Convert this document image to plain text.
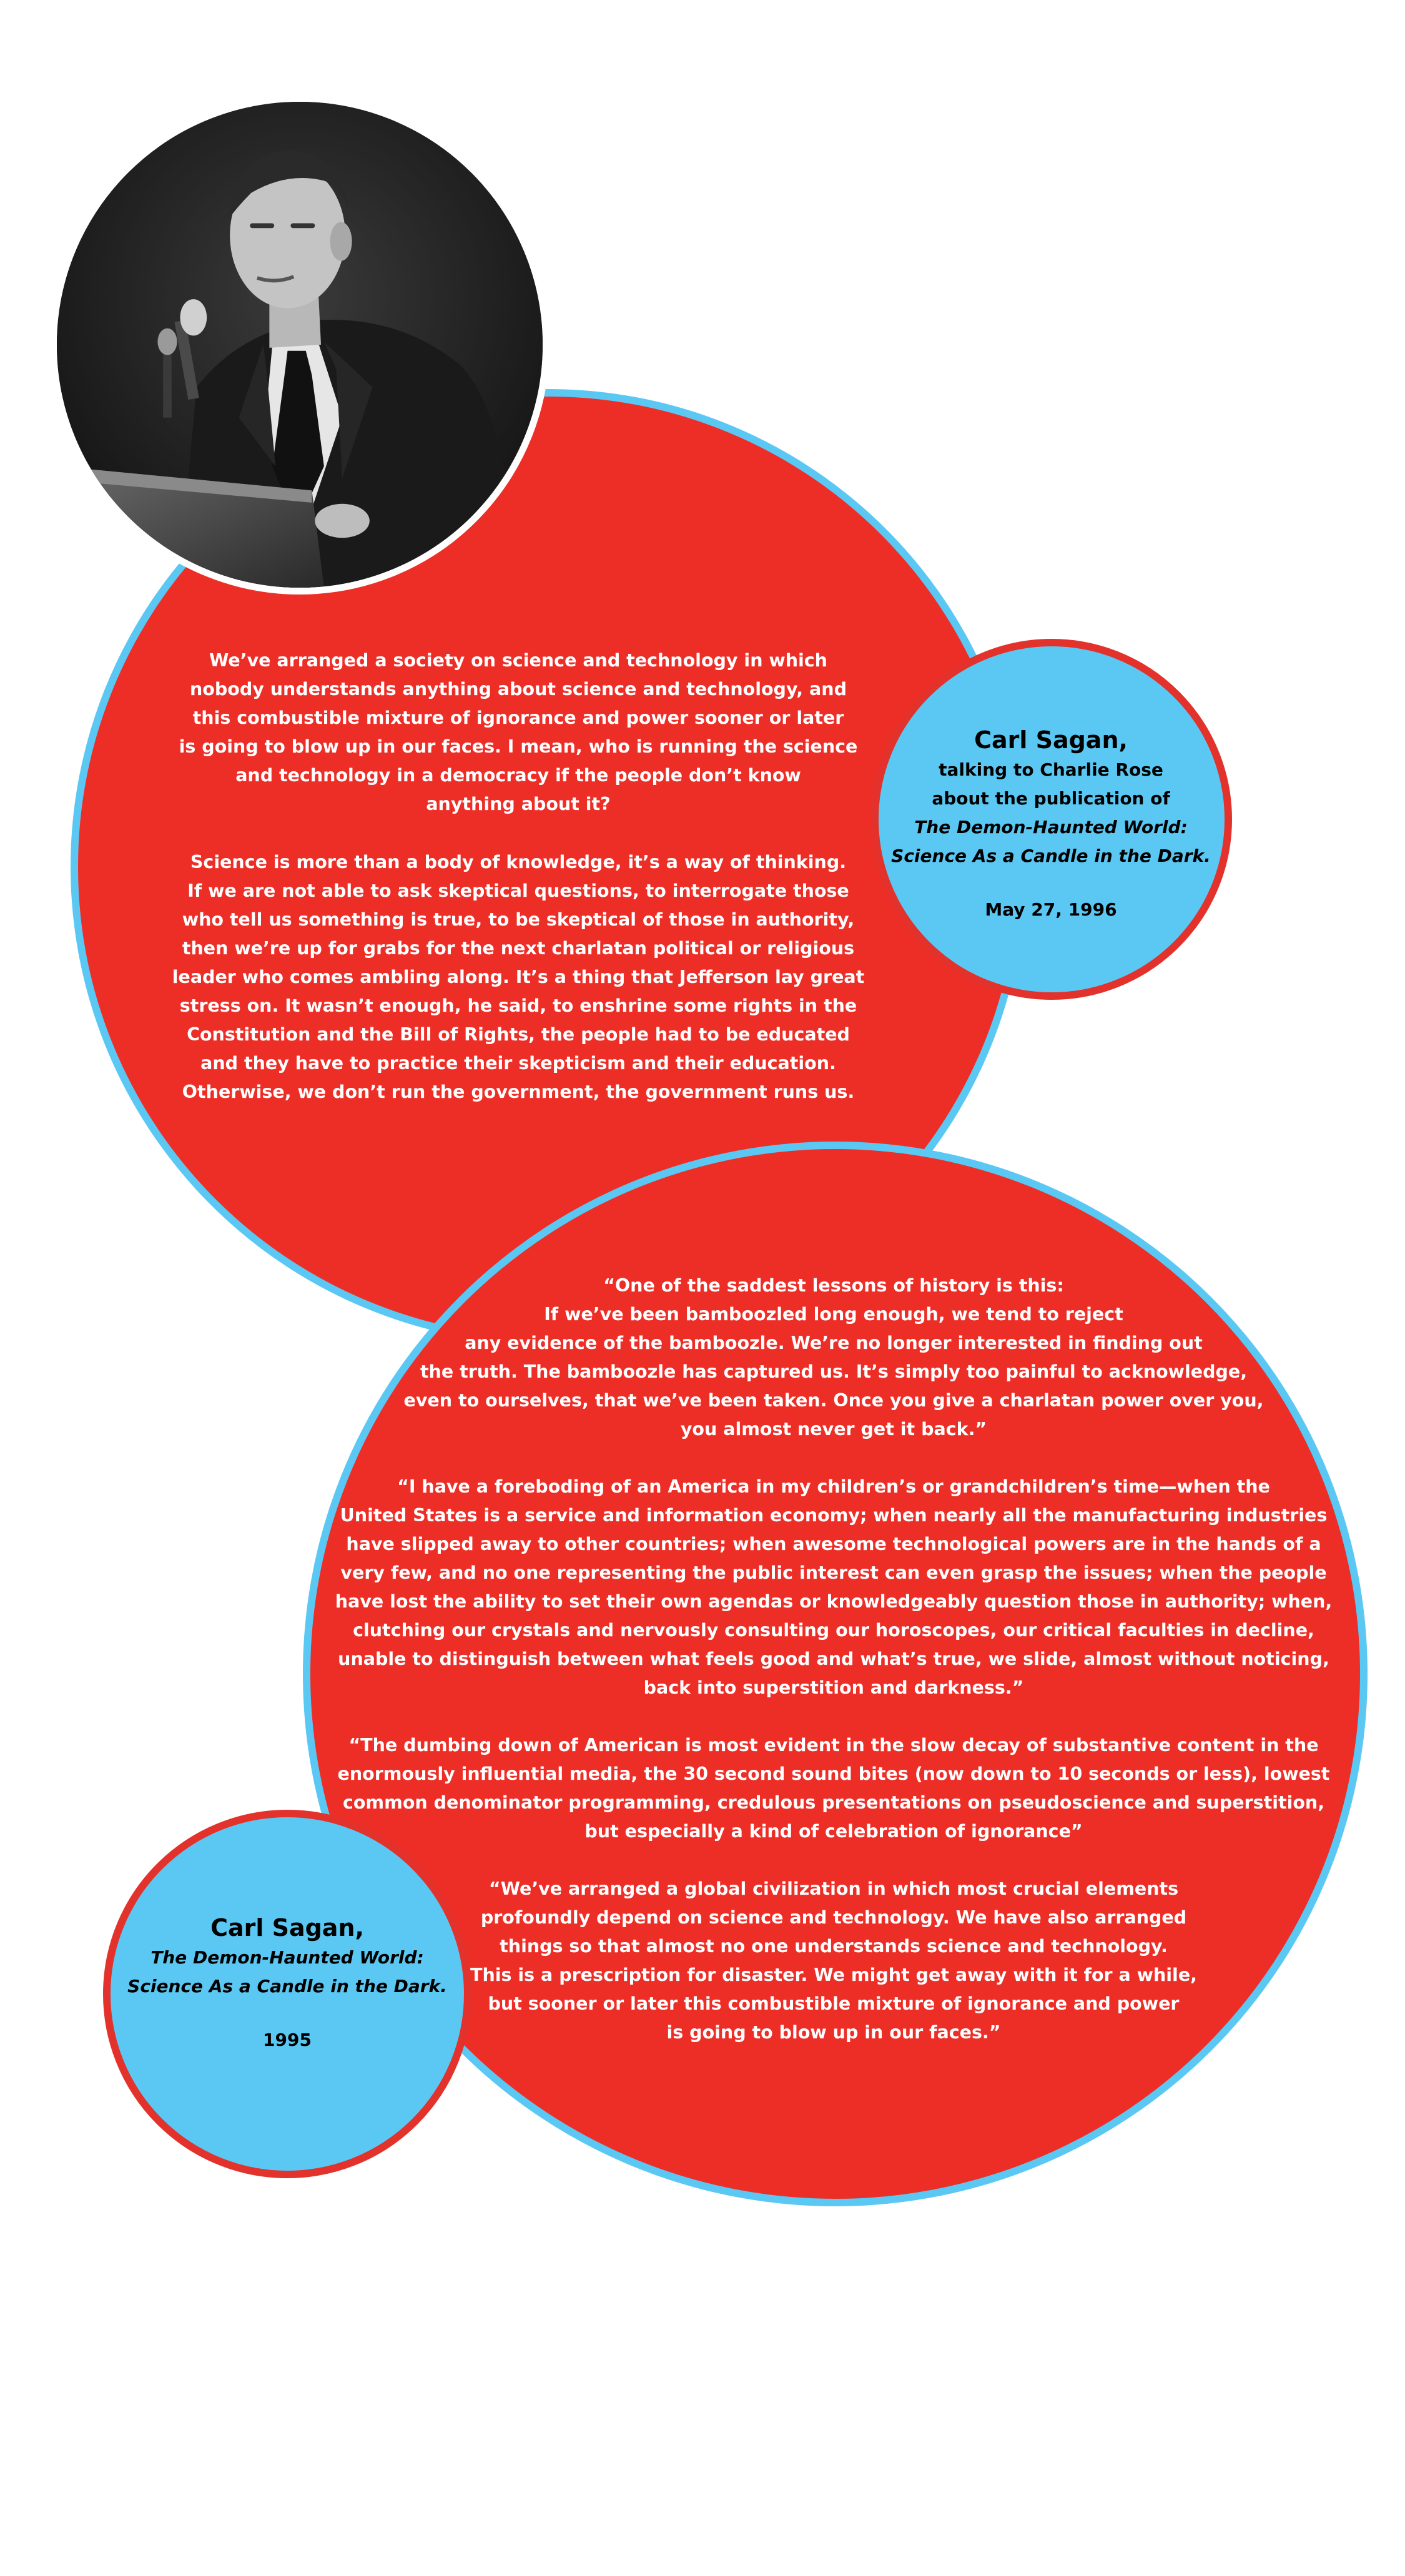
We’ve arranged a society on science and technology in which
nobody understands anything about science and technology, and
this combustible mixture of ignorance and power sooner or later
is going to blow up in our faces. I mean, who is running the science
and technology in a democracy if the people don’t know
anything about it?

Science is more than a body of knowledge, it’s a way of thinking.
If we are not able to ask skeptical questions, to interrogate those
who tell us something is true, to be skeptical of those in authority,
then we’re up for grabs for the next charlatan political or religious
leader who comes ambling along. It’s a thing that Jefferson lay great
stress on. It wasn’t enough, he said, to enshrine some rights in the
Constitution and the Bill of Rights, the people had to be educated
and they have to practice their skepticism and their education.
Otherwise, we don’t run the government, the government runs us.

Carl Sagan,
talking to Charlie Rose
about the publication of
The Demon-Haunted World:
Science As a Candle in the Dark.
May 27, 1996

“One of the saddest lessons of history is this:
If we’ve been bamboozled long enough, we tend to reject
any evidence of the bamboozle. We’re no longer interested in finding out
the truth. The bamboozle has captured us. It’s simply too painful to acknowledge,
even to ourselves, that we’ve been taken. Once you give a charlatan power over you,
you almost never get it back.”

“I have a foreboding of an America in my children’s or grandchildren’s time—when the
United States is a service and information economy; when nearly all the manufacturing industries
have slipped away to other countries; when awesome technological powers are in the hands of a
very few, and no one representing the public interest can even grasp the issues; when the people
have lost the ability to set their own agendas or knowledgeably question those in authority; when,
clutching our crystals and nervously consulting our horoscopes, our critical faculties in decline,
unable to distinguish between what feels good and what’s true, we slide, almost without noticing,
back into superstition and darkness.”

“The dumbing down of American is most evident in the slow decay of substantive content in the
enormously influential media, the 30 second sound bites (now down to 10 seconds or less), lowest
common denominator programming, credulous presentations on pseudoscience and superstition,
but especially a kind of celebration of ignorance”

“We’ve arranged a global civilization in which most crucial elements
profoundly depend on science and technology. We have also arranged
things so that almost no one understands science and technology.
This is a prescription for disaster. We might get away with it for a while,
but sooner or later this combustible mixture of ignorance and power
is going to blow up in our faces.”

Carl Sagan,
The Demon-Haunted World:
Science As a Candle in the Dark.
1995
